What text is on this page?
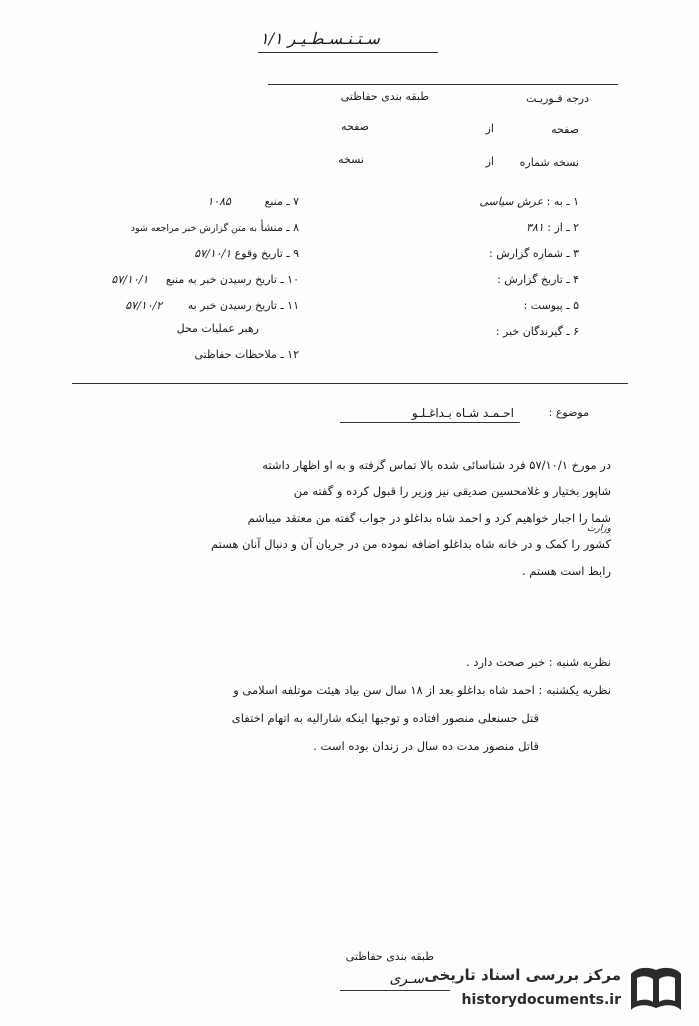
سـتـنـسـطـیـر ۱/۱
طبقه بندی حفاظتی	درجه فـوریـت
صفحه
از
صفحه
نسخه شماره
از
نسخه
۱ ـ به : عرش سیاسی
۲ ـ از : ۳۸۱
۳ ـ شماره گزارش :
۴ ـ تاریخ گزارش :
۵ ـ پیوست :
۶ ـ گیرندگان خبر :
۷ ـ منبع ۱۰۸۵
۸ ـ منشأ به متن گزارش خبر مراجعه شود
۹ ـ تاریخ وقوع ۵۷/۱۰/۱
۱۰ ـ تاریخ رسیدن خبر به منبع ۵۷/۱۰/۱
۱۱ ـ تاریخ رسیدن خبر به ۵۷/۱۰/۲
رهبر عملیات محل
۱۲ ـ ملاحظات حفاظتی
موضوع :
احـمـد شـاه بـداغـلـو
در مورخ ۵۷/۱۰/۱ فرد شناسائی شده بالا تماس گرفته و به او اظهار داشته
شاپور بختیار و غلامحسین صدیقی نیز وزیر را قبول کرده و گفته من
شما را اجبار خواهیم کرد و احمد شاه بداغلو در جواب گفته من معتقد میباشم
وزارت
کشور را کمک و در خانه شاه بداغلو اضافه نموده من در جریان آن و دنبال آنان هستم
رابط است هستم .
نظریه شنبه : خبر صحت دارد .
نظریه یکشنبه : احمد شاه بداغلو بعد از ۱۸ سال سن بیاد هیئت موتلفه اسلامی و
قتل حسنعلی منصور افتاده و توجیها اینکه شاراليه به اتهام اختفای
قاتل منصور مدت ده سال در زندان بوده است .
طبقه بندی حفاظتی
سـری مرکز بررسی اسناد تاریخی
historydocuments.ir
